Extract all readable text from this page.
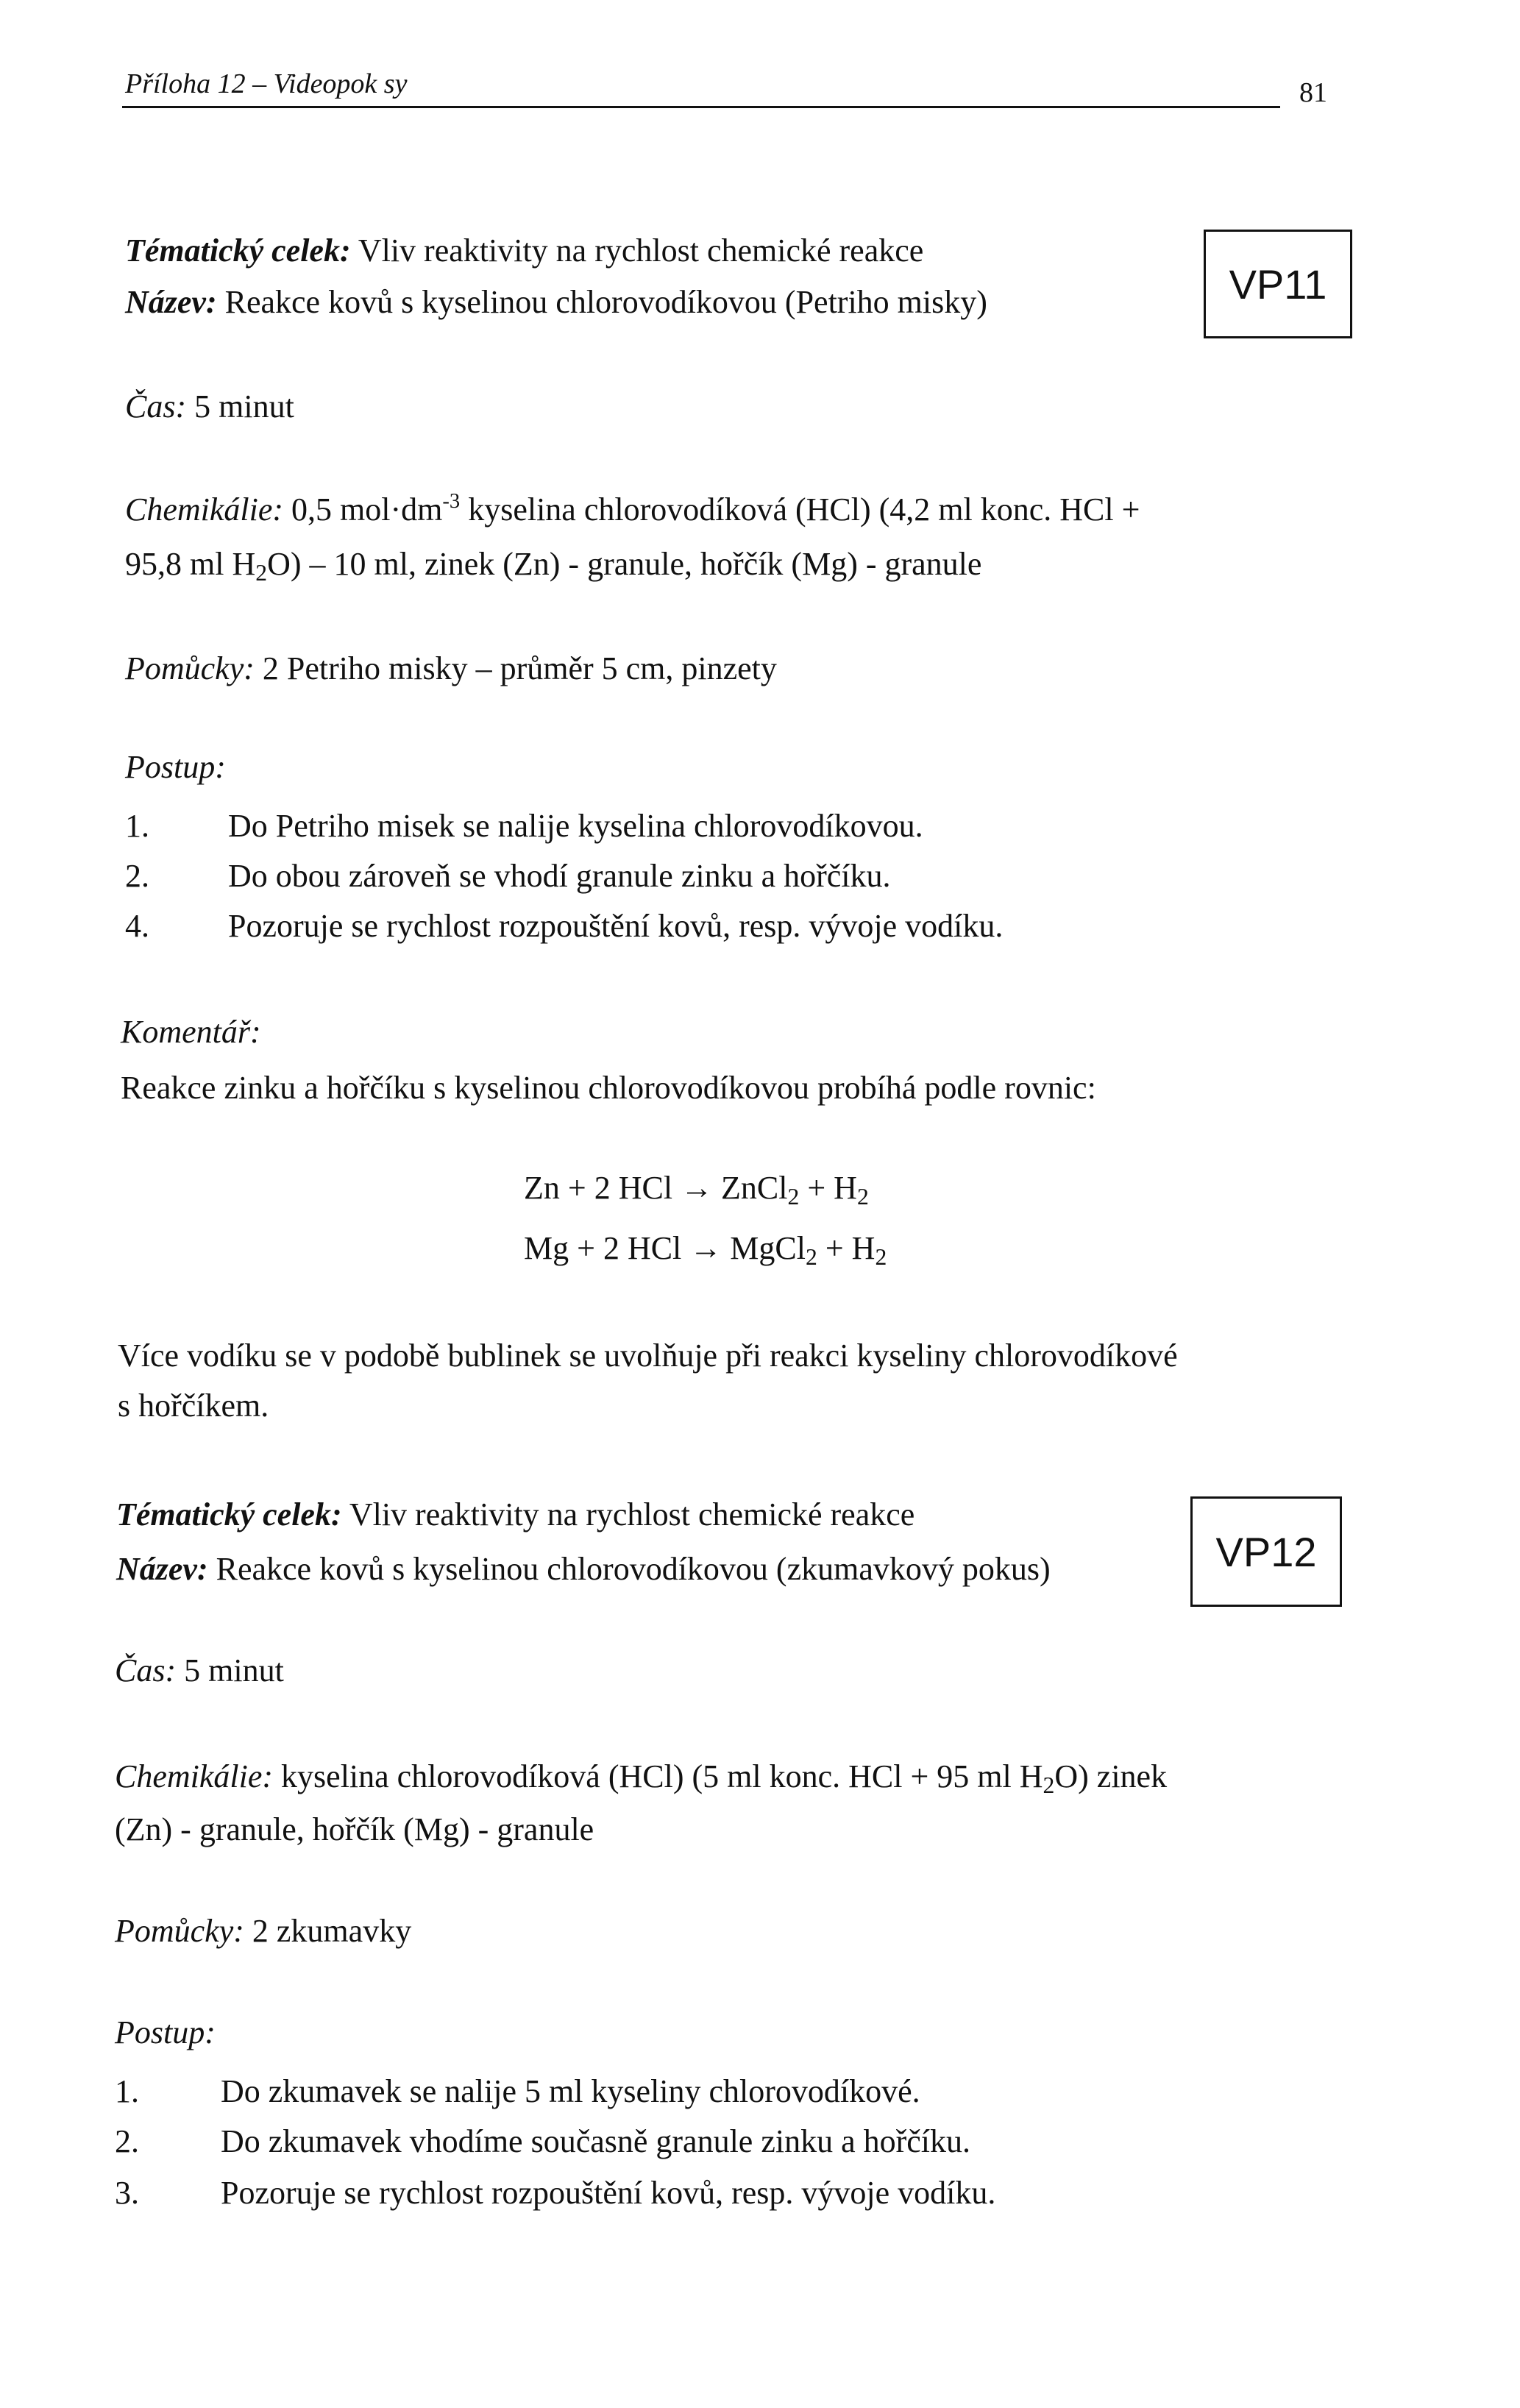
Příloha 12 – Videopok sy	81
Tématický celek: Vliv reaktivity na rychlost chemické reakce
Název: Reakce kovů s kyselinou chlorovodíkovou (Petriho misky)	VP11
Čas: 5 minut
Chemikálie: 0,5 $mol\cdot dm^{-3}$ kyselina chlorovodíková (HCl) (4,2 ml konc. HCl +
95,8 ml $H_2O) - 10$ ml, zinek (Zn) - granule, hořčík (Mg) - granule
Pomůcky: 2 Petriho misky – průměr 5 cm, pinzety
Postup:
1. Do Petriho misek se nalije kyselina chlorovodíkovou.
2. Do obou zároveň se vhodí granule zinku a hořčíku.
4. Pozoruje se rychlost rozpouštění kovů, resp. vývoje vodíku.
Komentář:
Reakce zinku a hořčíku s kyselinou chlorovodíkovou probíhá podle rovnic:
Zn + 2 HCl → ZnCl$_2$ + $H_2$
Mg + 2 HCl → MgCl$_2$ + $H_2$
Více vodíku se v podobě bublinek se uvolňuje při reakci kyseliny chlorovodíkové
s hořčíkem.
Tématický celek: Vliv reaktivity na rychlost chemické reakce
Název: Reakce kovů s kyselinou chlorovodíkovou (zkumavkový pokus)	VP12
Čas: 5 minut
Chemikálie: kyselina chlorovodíková (HCl) (5 ml konc. HCl + 95 ml $H_2O$) zinek
(Zn) - granule, hořčík (Mg) - granule
Pomůcky: 2 zkumavky
Postup:
1.	Do zkumavek se nalije 5 ml kyseliny chlorovodíkové.
2.	Do zkumavek vhodíme současně granule zinku a hořčíku.
3.	Pozoruje se rychlost rozpouštění kovů, resp. vývoje vodíku.
